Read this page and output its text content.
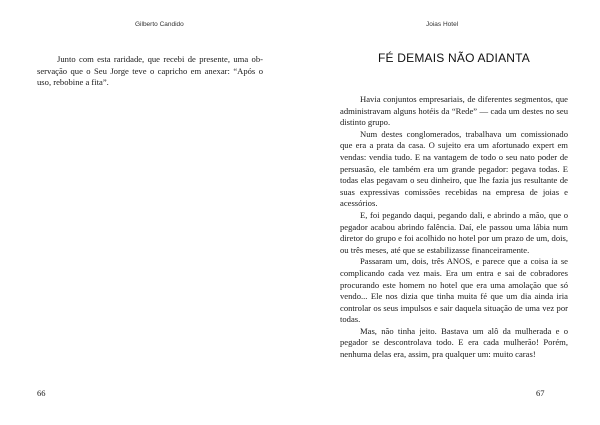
Gilberto Candido

Junto com esta raridade, que recebi de presente, uma ob-servação que o Seu Jorge teve o capricho em anexar: “Após o uso, rebobine a fita”.

66
Joias Hotel
FÉ DEMAIS NÃO ADIANTA

Havia conjuntos empresariais, de diferentes segmentos, que administravam alguns hotéis da “Rede” — cada um destes no seu distinto grupo.

Num destes conglomerados, trabalhava um comissionado que era a prata da casa. O sujeito era um afortunado expert em vendas: vendia tudo. E na vantagem de todo o seu nato poder de persuasão, ele também era um grande pegador: pegava todas. E todas elas pegavam o seu dinheiro, que lhe fazia jus resultante de suas expressivas comissões recebidas na empresa de joias e acessórios.

E, foi pegando daqui, pegando dali, e abrindo a mão, que o pegador acabou abrindo falência. Daí, ele passou uma lábia num diretor do grupo e foi acolhido no hotel por um prazo de um, dois, ou três meses, até que se estabilizasse financeiramente.

Passaram um, dois, três ANOS, e parece que a coisa ia se complicando cada vez mais. Era um entra e sai de cobradores procurando este homem no hotel que era uma amolação que só vendo... Ele nos dizia que tinha muita fé que um dia ainda iria controlar os seus impulsos e sair daquela situação de uma vez por todas.

Mas, não tinha jeito. Bastava um alô da mulherada e o pegador se descontrolava todo. E era cada mulherão! Porém, nenhuma delas era, assim, pra qualquer um: muito caras!

67
